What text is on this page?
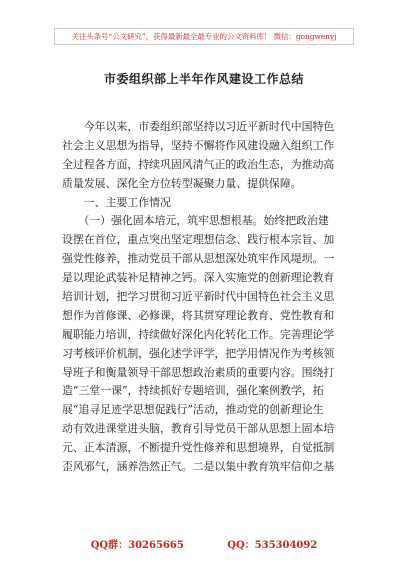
关注头条号“公文研究”，获得最新最全最专业的公文资料库！ 微信：gongwenyj
市委组织部上半年作风建设工作总结
　　今年以来，市委组织部坚持以习近平新时代中国特色
社会主义思想为指导，坚持不懈将作风建设融入组织工作
全过程各方面，持续巩固风清气正的政治生态，为推动高
质量发展、深化全方位转型凝聚力量、提供保障。
　　一、主要工作情况
　　（一）强化固本培元，筑牢思想根基。始终把政治建
设摆在首位，重点突出坚定理想信念、践行根本宗旨、加
强党性修养，推动党员干部从思想深处筑牢作风堤坝。一
是以理论武装补足精神之钙。深入实施党的创新理论教育
培训计划，把学习贯彻习近平新时代中国特色社会主义思
想作为首修课、必修课，将其贯穿理论教育、党性教育和
履职能力培训，持续做好深化内化转化工作。完善理论学
习考核评价机制，强化述学评学，把学用情况作为考核领
导班子和衡量领导干部思想政治素质的重要内容。围绕打
造“三堂一课”，持续抓好专题培训，强化案例教学，拓
展“追寻足迹学思想促践行”活动，推动党的创新理论生
动有效进课堂进头脑，教育引导党员干部从思想上固本培
元、正本清源，不断提升党性修养和思想境界，自觉抵制
歪风邪气，涵养浩然正气。二是以集中教育筑牢信仰之基
QQ群：30265665	QQ：535304092
